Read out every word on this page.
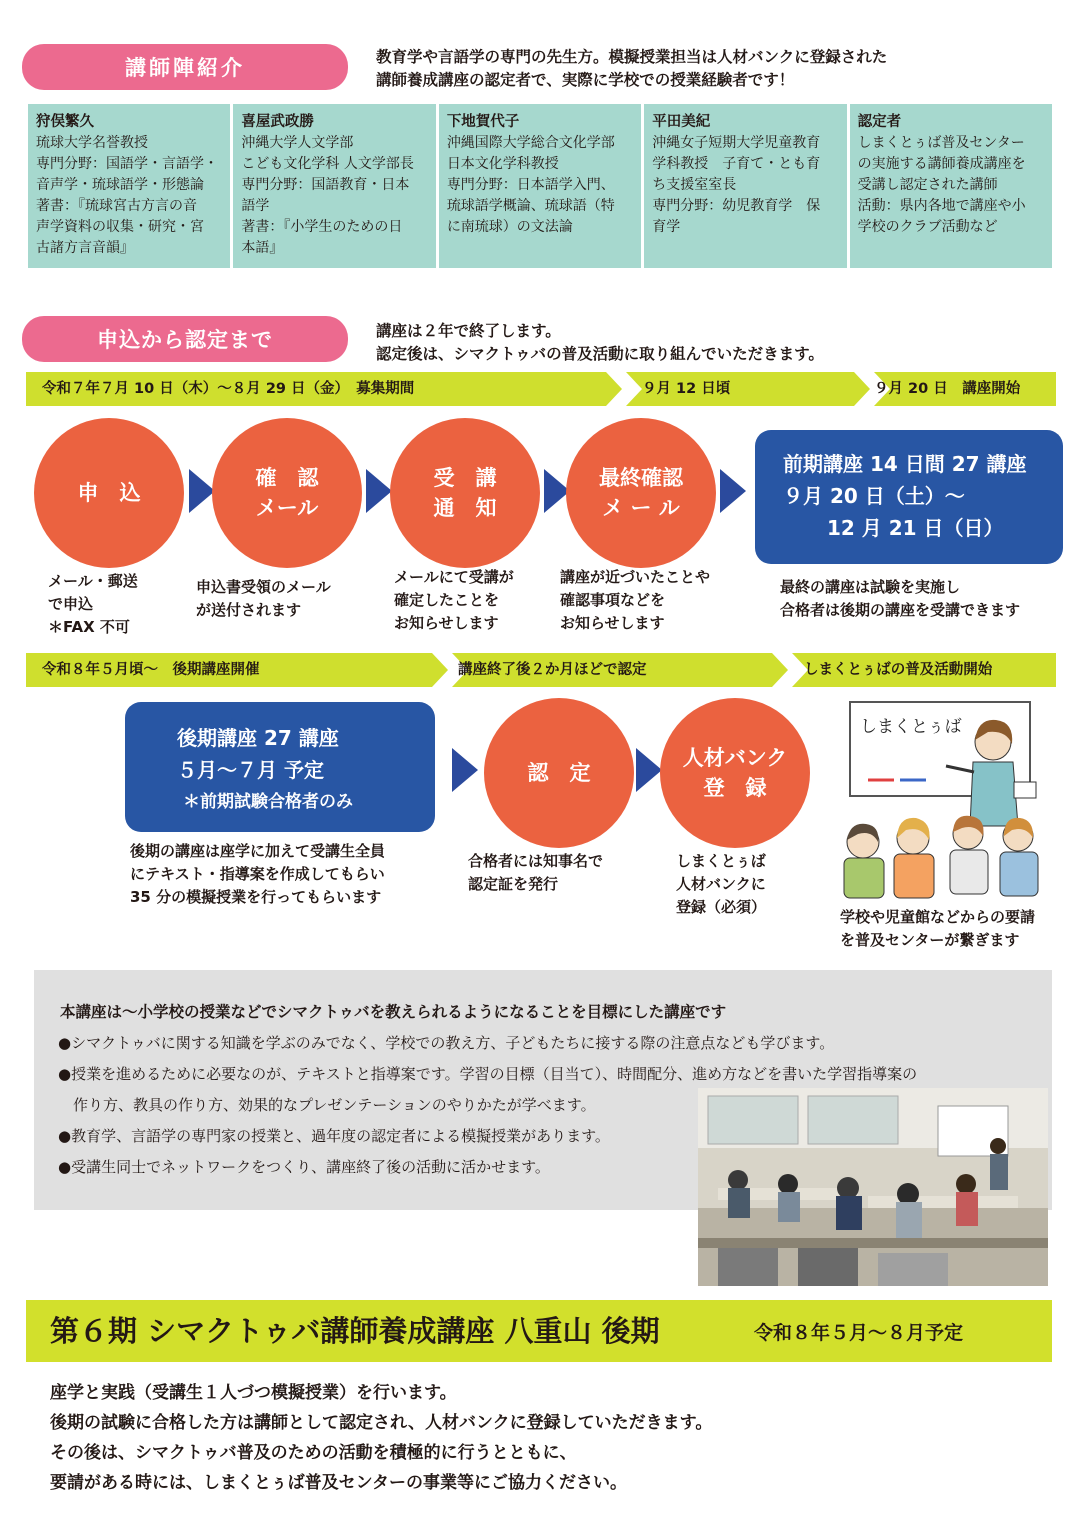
講師陣紹介	教育学や言語学の専門の先生方。模擬授業担当は人材バンクに登録された
講師養成講座の認定者で、実際に学校での授業経験者です！
狩俣繁久
琉球大学名誉教授
専門分野：国語学・言語学・
音声学・琉球語学・形態論
著書：『琉球宮古方言の音
声学資料の収集・研究・宮
古諸方言音韻』
喜屋武政勝
沖縄大学人文学部
こども文化学科 人文学部長
専門分野：国語教育・日本
語学
著書：『小学生のための日
本語』
下地賀代子
沖縄国際大学総合文化学部
日本文化学科教授
専門分野：日本語学入門、
琉球語学概論、琉球語（特
に南琉球）の文法論
平田美紀
沖縄女子短期大学児童教育
学科教授　子育て・とも育
ち支援室室長
専門分野：幼児教育学　保
育学
認定者
しまくとぅば普及センター
の実施する講師養成講座を
受講し認定された講師
活動：県内各地で講座や小
学校のクラブ活動など
申込から認定まで	講座は２年で終了します。
認定後は、シマクトゥバの普及活動に取り組んでいただきます。
令和７年７月 10 日（木）～８月 29 日（金）　募集期間	９月 12 日頃	９月 20 日　講座開始
申　込
確　認
メール
受　講
通　知
最終確認
メ ー ル
前期講座 14 日間 27 講座
９月 20 日（土）～
12 月 21 日（日）
メール・郵送
で申込
＊FAX 不可
申込書受領のメール
が送付されます
メールにて受講が
確定したことを
お知らせします
講座が近づいたことや
確認事項などを
お知らせします
最終の講座は試験を実施し
合格者は後期の講座を受講できます
令和８年５月頃～　後期講座開催	講座終了後２か月ほどで認定	しまくとぅばの普及活動開始
後期講座 27 講座
５月～７月 予定
＊前期試験合格者のみ
認　定
人材バンク
登　録
しまくとぅば
後期の講座は座学に加えて受講生全員
にテキスト・指導案を作成してもらい
35 分の模擬授業を行ってもらいます
合格者には知事名で
認定証を発行
しまくとぅば
人材バンクに
登録（必須）
学校や児童館などからの要請
を普及センターが繋ぎます
本講座は～小学校の授業などでシマクトゥバを教えられるようになることを目標にした講座です
●シマクトゥバに関する知識を学ぶのみでなく、学校での教え方、子どもたちに接する際の注意点なども学びます。
●授業を進めるために必要なのが、テキストと指導案です。学習の目標（目当て）、時間配分、進め方などを書いた学習指導案の
　作り方、教具の作り方、効果的なプレゼンテーションのやりかたが学べます。
●教育学、言語学の専門家の授業と、過年度の認定者による模擬授業があります。
●受講生同士でネットワークをつくり、講座終了後の活動に活かせます。
第６期 シマクトゥバ講師養成講座 八重山 後期	令和８年５月～８月予定
座学と実践（受講生１人づつ模擬授業）を行います。
後期の試験に合格した方は講師として認定され、人材バンクに登録していただきます。
その後は、シマクトゥバ普及のための活動を積極的に行うとともに、
要請がある時には、しまくとぅば普及センターの事業等にご協力ください。
